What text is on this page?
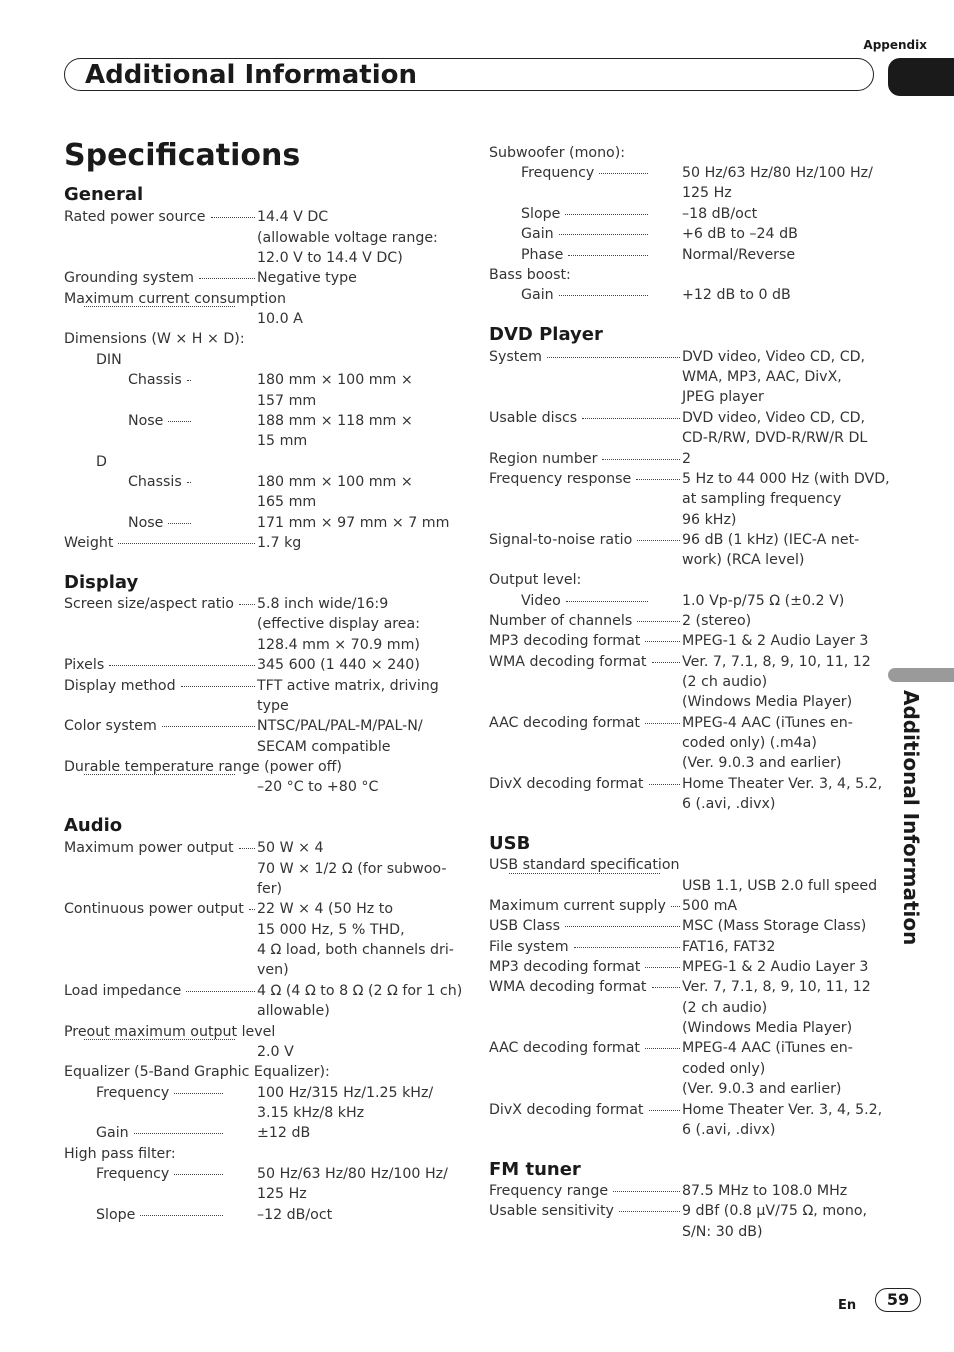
Appendix
Additional Information
Additional Information
Specifications
General
Display
Audio
DVD Player
USB
FM tuner
Rated power source	14.4 V DC
(allowable voltage range:
12.0 V to 14.4 V DC)
Grounding system	Negative type
Maximum current consumption
10.0 A
Dimensions (W × H × D):
DIN
Chassis	180 mm × 100 mm ×
157 mm
Nose	188 mm × 118 mm ×
15 mm
D
Chassis	180 mm × 100 mm ×
165 mm
Nose	171 mm × 97 mm × 7 mm
Weight	1.7 kg
Screen size/aspect ratio 5.8 inch wide/16:9
(effective display area:
128.4 mm × 70.9 mm)
Pixels	345 600 (1 440 × 240)
Display method	TFT active matrix, driving
type
Color system	NTSC/PAL/PAL-M/PAL-N/
SECAM compatible
Durable temperature range (power off)
–20 °C to +80 °C
Maximum power output 50 W × 4
70 W × 1/2 Ω (for subwoo-
fer)
Continuous power output 22 W × 4 (50 Hz to
15 000 Hz, 5 % THD,
4 Ω load, both channels dri-
ven)
Load impedance	4 Ω (4 Ω to 8 Ω (2 Ω for 1 ch)
allowable)
Preout maximum output level
2.0 V
Equalizer (5-Band Graphic Equalizer):
Frequency	100 Hz/315 Hz/1.25 kHz/
3.15 kHz/8 kHz
Gain	±12 dB
High pass filter:
Frequency	50 Hz/63 Hz/80 Hz/100 Hz/
125 Hz
Slope	–12 dB/oct
Subwoofer (mono):
Frequency	50 Hz/63 Hz/80 Hz/100 Hz/
125 Hz
Slope	–18 dB/oct
Gain	+6 dB to –24 dB
Phase	Normal/Reverse
Bass boost:
Gain	+12 dB to 0 dB
System	DVD video, Video CD, CD,
WMA, MP3, AAC, DivX,
JPEG player
Usable discs	DVD video, Video CD, CD,
CD-R/RW, DVD-R/RW/R DL
Region number	2
Frequency response	5 Hz to 44 000 Hz (with DVD,
at sampling frequency
96 kHz)
Signal-to-noise ratio	96 dB (1 kHz) (IEC-A net-
work) (RCA level)
Output level:
Video	1.0 Vp-p/75 Ω (±0.2 V)
Number of channels	2 (stereo)
MP3 decoding format	MPEG-1 & 2 Audio Layer 3
WMA decoding format	Ver. 7, 7.1, 8, 9, 10, 11, 12
(2 ch audio)
(Windows Media Player)
AAC decoding format	MPEG-4 AAC (iTunes en-
coded only) (.m4a)
(Ver. 9.0.3 and earlier)
DivX decoding format	Home Theater Ver. 3, 4, 5.2,
6 (.avi, .divx)
USB standard specification
USB 1.1, USB 2.0 full speed
Maximum current supply 500 mA
USB Class	MSC (Mass Storage Class)
File system	FAT16, FAT32
MP3 decoding format	MPEG-1 & 2 Audio Layer 3
WMA decoding format	Ver. 7, 7.1, 8, 9, 10, 11, 12
(2 ch audio)
(Windows Media Player)
AAC decoding format	MPEG-4 AAC (iTunes en-
coded only)
(Ver. 9.0.3 and earlier)
DivX decoding format	Home Theater Ver. 3, 4, 5.2,
6 (.avi, .divx)
Frequency range	87.5 MHz to 108.0 MHz
Usable sensitivity	9 dBf (0.8 µV/75 Ω, mono,
S/N: 30 dB)
En	59
